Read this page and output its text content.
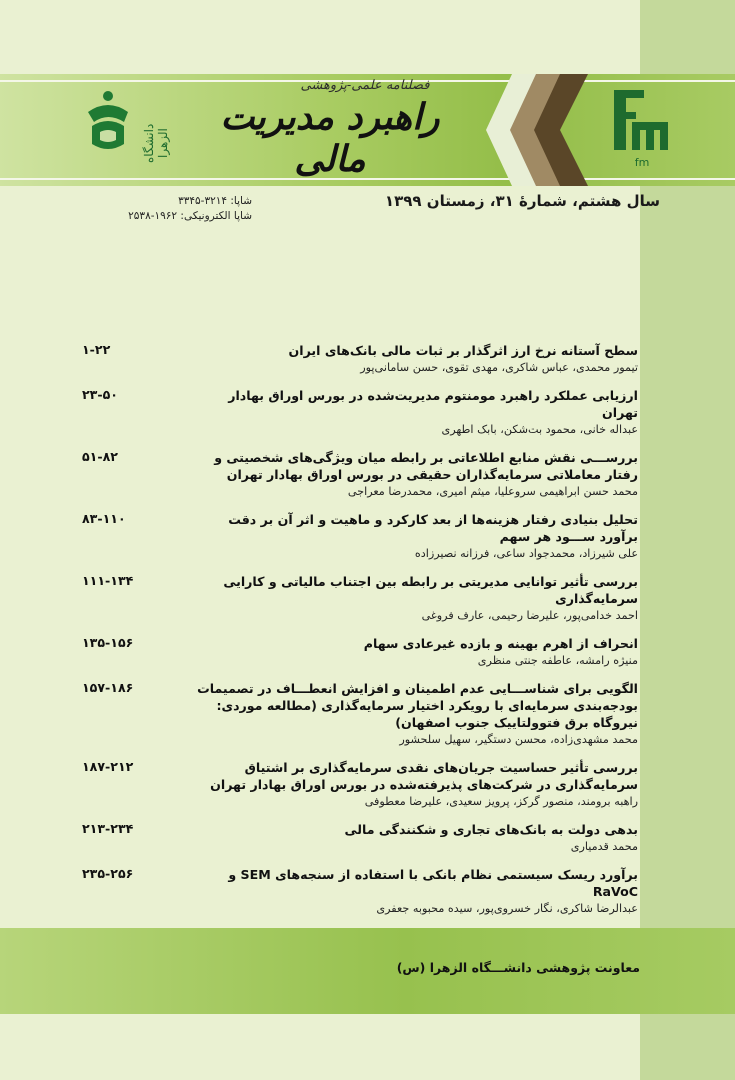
فصلنامه علمی-پژوهشی
راهبرد مدیریت مالی
دانشگاه الزهرا
fm
سال هشتم، شمارۀ ۳۱، زمستان ۱۳۹۹
شاپا: ۳۲۱۴-۳۳۴۵
شاپا الکترونیکی: ۱۹۶۲-۲۵۳۸
سطح آستانه نرخ ارز اثرگذار بر ثبات مالی بانک‌های ایران
تیمور محمدی، عباس شاکری، مهدی تقوی، حسن سامانی‌پور
۱-۲۲
ارزیابی عملکرد راهبرد مومنتوم مدیریت‌شده در بورس اوراق بهادار تهران
عبداله خانی، محمود بت‌شکن، بابک اطهری
۲۳-۵۰
بررســـی نقش منابع اطلاعاتی بر رابطه میان ویژگی‌های شخصیتی و رفتار معاملاتی سرمایه‌گذاران حقیقی در بورس اوراق بهادار تهران
محمد حسن ابراهیمی سروعلیا، میثم امیری، محمدرضا معراجی
۵۱-۸۲
تحلیل بنیادی رفتار هزینه‌ها از بعد کارکرد و ماهیت و اثر آن بر دقت برآورد ســـود هر سهم
علی شیرزاد، محمدجواد ساعی، فرزانه نصیرزاده
۸۳-۱۱۰
بررسی تأثیر توانایی مدیریتی بر رابطه بین اجتناب مالیاتی و کارایی سرمایه‌گذاری
احمد خدامی‌پور، علیرضا رحیمی، عارف فروغی
۱۱۱-۱۳۴
انحراف از اهرم بهینه و بازده غیرعادی سهام
منیژه رامشه، عاطفه جنتی منظری
۱۳۵-۱۵۶
الگویی برای شناســـایی عدم اطمینان و افزایش انعطـــاف در تصمیمات بودجه‌بندی سرمایه‌ای با رویکرد اختیار سرمایه‌گذاری (مطالعه موردی: نیروگاه برق فتوولتاییک جنوب اصفهان)
محمد مشهدی‌زاده، محسن دستگیر، سهیل سلحشور
۱۵۷-۱۸۶
بررسی تأثیر حساسیت جریان‌های نقدی سرمایه‌گذاری بر اشتیاق سرمایه‌گذاری در شرکت‌های پذیرفته‌شده در بورس اوراق بهادار تهران
راهبه برومند، منصور گرکز، پرویز سعیدی، علیرضا معطوفی
۱۸۷-۲۱۲
بدهی دولت به بانک‌های تجاری و شکنندگی مالی
محمد قدمیاری
۲۱۳-۲۳۴
برآورد ریسک سیستمی نظام بانکی با استفاده از سنجه‌های SEM و RaVoC
عبدالرضا شاکری، نگار خسروی‌پور، سیده محبوبه جعفری
۲۳۵-۲۵۶
معاونت پژوهشی دانشـــگاه الزهرا (س)
